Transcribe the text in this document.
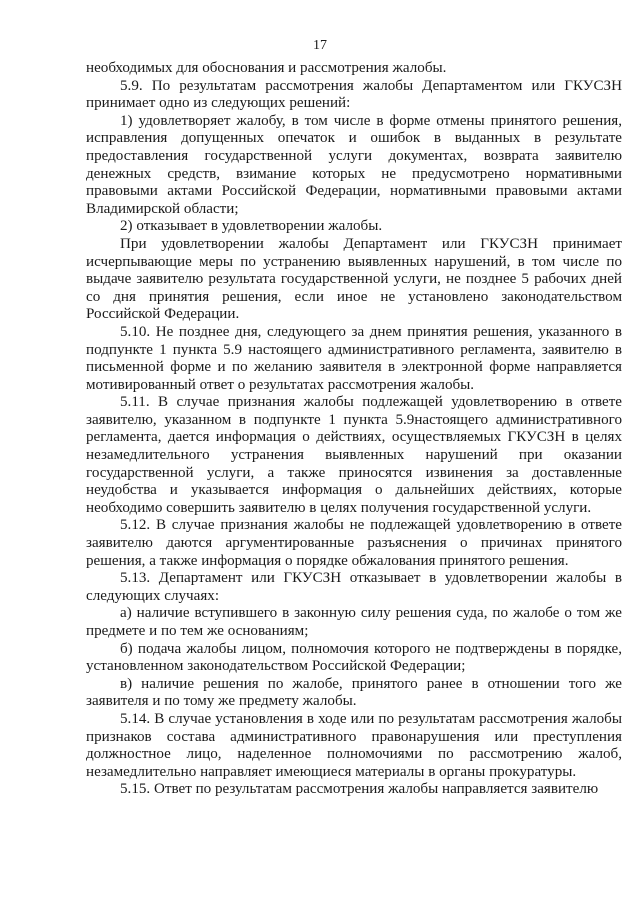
17

необходимых для обоснования и рассмотрения жалобы.

5.9. По результатам рассмотрения жалобы Департаментом или ГКУСЗН принимает одно из следующих решений:

1) удовлетворяет жалобу, в том числе в форме отмены принятого решения, исправления допущенных опечаток и ошибок в выданных в результате предоставления государственной услуги документах, возврата заявителю денежных средств, взимание которых не предусмотрено нормативными правовыми актами Российской Федерации, нормативными правовыми актами Владимирской области;

2) отказывает в удовлетворении жалобы.

При удовлетворении жалобы Департамент или ГКУСЗН принимает исчерпывающие меры по устранению выявленных нарушений, в том числе по выдаче заявителю результата государственной услуги, не позднее 5 рабочих дней со дня принятия решения, если иное не установлено законодательством Российской Федерации.

5.10. Не позднее дня, следующего за днем принятия решения, указанного в подпункте 1 пункта 5.9 настоящего административного регламента, заявителю в письменной форме и по желанию заявителя в электронной форме направляется мотивированный ответ о результатах рассмотрения жалобы.

5.11. В случае признания жалобы подлежащей удовлетворению в ответе заявителю, указанном в подпункте 1 пункта 5.9настоящего административного регламента, дается информация о действиях, осуществляемых ГКУСЗН в целях незамедлительного устранения выявленных нарушений при оказании государственной услуги, а также приносятся извинения за доставленные неудобства и указывается информация о дальнейших действиях, которые необходимо совершить заявителю в целях получения государственной услуги.

5.12. В случае признания жалобы не подлежащей удовлетворению в ответе заявителю даются аргументированные разъяснения о причинах принятого решения, а также информация о порядке обжалования принятого решения.

5.13. Департамент или ГКУСЗН отказывает в удовлетворении жалобы в следующих случаях:

а) наличие вступившего в законную силу решения суда, по жалобе о том же предмете и по тем же основаниям;

б) подача жалобы лицом, полномочия которого не подтверждены в порядке, установленном законодательством Российской Федерации;

в) наличие решения по жалобе, принятого ранее в отношении того же заявителя и по тому же предмету жалобы.

5.14. В случае установления в ходе или по результатам рассмотрения жалобы признаков состава административного правонарушения или преступления должностное лицо, наделенное полномочиями по рассмотрению жалоб, незамедлительно направляет имеющиеся материалы в органы прокуратуры.

5.15. Ответ по результатам рассмотрения жалобы направляется заявителю
